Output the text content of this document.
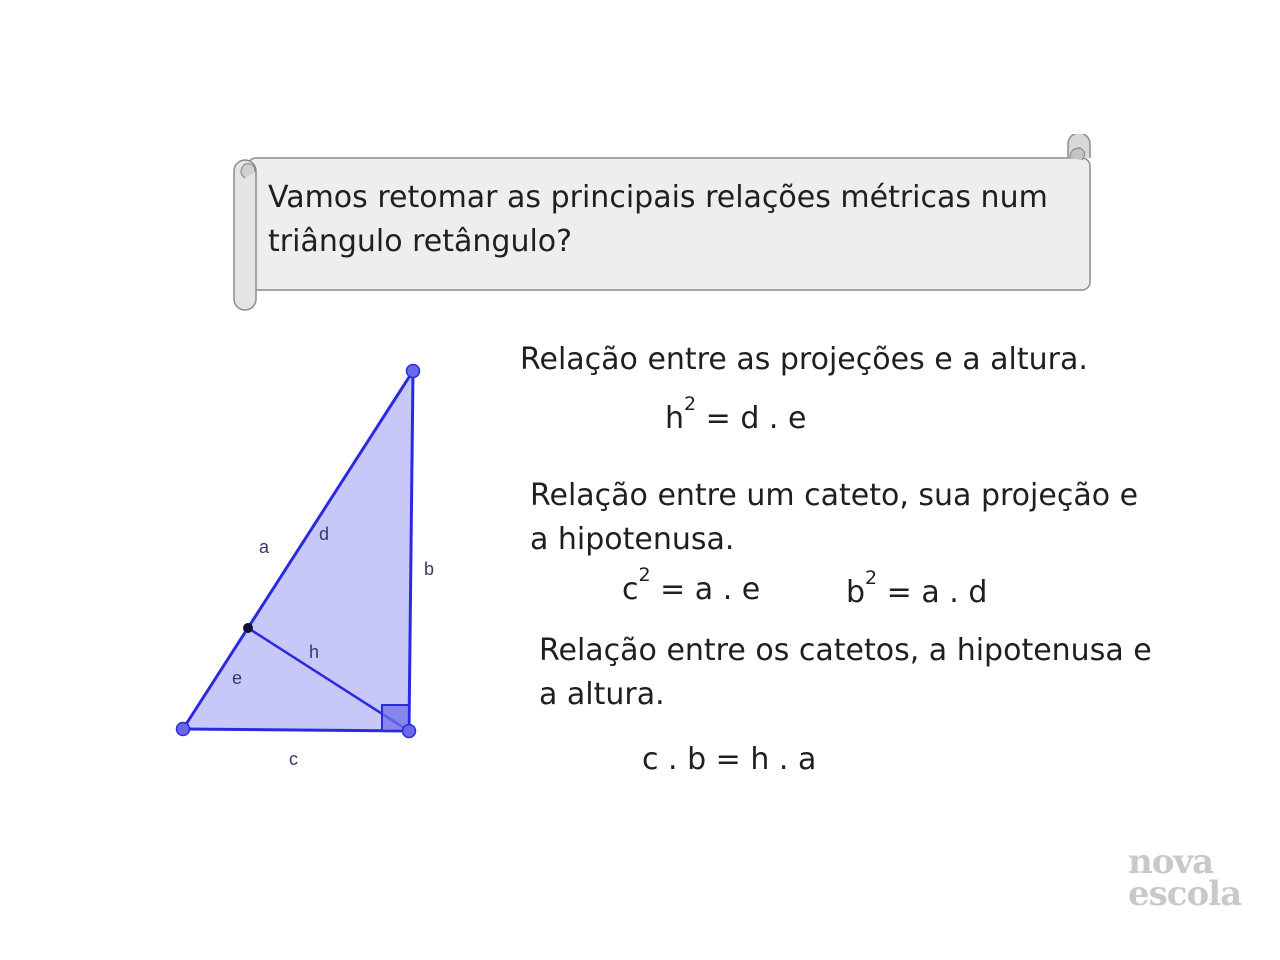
Vamos retomar as principais relações métricas num triângulo retângulo?
a
d
b
h
e
c
Relação entre as projeções e a altura.
$h^2 = d$ . e
Relação entre um cateto, sua projeção e a hipotenusa.
$c^2 = a$ . e	$b^2 = a$ . d
Relação entre os catetos, a hipotenusa e a altura.
c . b = h . a
nova
escola
